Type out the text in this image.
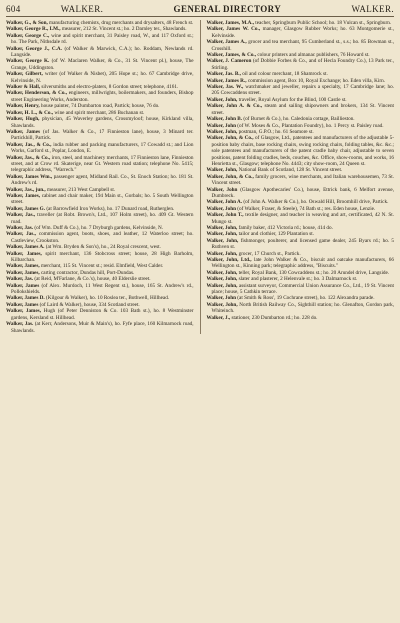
604	WALKER.	GENERAL DIRECTORY	WALKER.

Walker, G., & Son, manufacturing chemists, drug merchants and drysalters, 48 French st.

Walker, George R., LM., measurer, 212 St. Vincent st.; ho. 2 Darnley ter., Shawlands.

Walker, George C., wine and spirit merchant, 31 Paisley road, W., and 117 Oxford st.; ho. The Park, Nithsdale rd.

Walker, George J., C.A. (of Walker & Marwick, C.A.); ho. Roddam, Newlands rd. Langside.

Walker, George K. (of W. Maclaren Walker, & Co., 31 St. Vincent pl.), house, The Grange, Uddingston.

Walker, Gilbert, writer (of Walker & Nisbet), 205 Hope st.; ho. 67 Cambridge drive, Kelvinside, N.

Walker & Hall, silversmiths and electro-platers, 8 Gordon street; telephone, 4161.

Walker, Henderson, & Co., engineers, millwrights, boilermakers, and founders, Bishop street Engineering Works, Anderston.

Walker, Henry, house painter, 74 Dumbarton road, Partick; house, 76 do.

Walker, H. L., & Co., wine and spirit merchant, 286 Buchanan st.

Walker, Hugh, physician, 45 Waverley gardens, Crossmyloof; house, Kirkland villa, Shawlands.

Walker, James (of Jas. Walker & Co., 17 Finnieston lane), house, 3 Minard ter. Partickhill, Partick.

Walker, Jas., & Co., india rubber and packing manufacturers, 17 Cowadd st.; and Lion Works, Garford st., Poplar, London, E.

Walker, Jas., & Co., iron, steel, and machinery merchants, 17 Finnieston lane, Finnieston street, and at Crow rd. Skaterige, near Gt. Western road station; telephone No. 5415; telegraphic address, "Warrech."

Walker, James Wm., passenger agent, Midland Rail. Co., St. Enoch Station; ho. 181 St. Andrew's rd.

Walker, Jas., jun., measurer, 213 West Campbell st.

Walker, James, cabinet and chair maker, 194 Main st., Gorbals; ho. 5 South Wellington street.

Walker, James G. (at Barrowfield Iron Works), ho. 17 Dunard road, Rutherglen.

Walker, Jas., traveller (at Robt. Brown's, Ltd., 107 Holm street), ho. 409 Gt. Western road.

Walker, Jas. (of Wm. Duff & Co.), ho. 7 Dryburgh gardens, Kelvinside, N.

Walker, Jas., commission agent, boots, shoes, and leather, 12 Waterloo street; ho. Castleview, Crookston.

Walker, James A. (at Wm. Bryden & Son's), ho., 24 Royal crescent, west.

Walker, James, spirit merchant, 136 Stobcross street; house, 28 High Barholm, Kilbarchan.

Walker, James, merchant, 115 St. Vincent st.; resid. Elmfield, West Calder.

Walker, James, carting contractor, Dundas hill, Port-Dundas.

Walker, Jas. (at Reid, M'Farlane, & Co.'s), house, 40 Elderslie street.

Walker, James (of Alex. Murdoch, 11 West Regent st.), house, 165 St. Andrew's rd., Pollokshields.

Walker, James D. (Kilgour & Walker), ho. 10 Roslea ter., Bothwell, Hillhead.

Walker, James (of Laird & Walker), house, 334 Scotland street.

Walker, James, Hugh (of Peter Denniston & Co. 103 Bath st.), ho. 8 Westminster gardens, Kersland st. Hillhead.

Walker, Jas. (at Kerr, Andersons, Muir & Main's), ho. Fyfe place, 160 Kilmarnock road, Shawlands.

Walker, James, M.A., teacher, Springburn Public School; ho. 18 Vulcan st., Springburn.

Walker, James W. Co., manager, Glasgow Rubber Works; ho. 63 Montgomerie st., Kelvinside.

Walker, James A., grocer and tea merchant, 95 Cumberland st., s.s.; ho. 85 Bowman st., Crosshill.

Walker, James, & Co., colour printers and almanac publishers, 76 Howard st.

Walker, J. Cameron (of Dobbie Forbes & Co., and of Hecla Foundry Co.), 13 Park ter., Stirling.

Walker, Jas. B., oil and colour merchant, 18 Shamrock st.

Walker, James R., commission agent, Box 10, Royal Exchange; ho. Eden villa, Kirn.

Walker, Jas. W., watchmaker and jeweller, repairs a specialty, 17 Cambridge lane; ho. 205 Cowcaddens street.

Walker, John, traveller, Royal Asylum for the Blind, 100 Castle st.

Walker, John A. & Co., steam and sailing shipowners and brokers, 134 St. Vincent street.

Walker, John B. (of Burnet & Co.), ho. Caledonia cottage, Baillieston.

Walker, John (of W. Moses & Co., Plantation Foundry), ho. 1 Percy st. Paisley road.

Walker, John, postman, G.P.O.; ho. 61 Seamore st.

Walker, John, & Co., of Glasgow, Ltd., patentees and manufacturers of the adjustable 5-position baby chairs, base rocking chairs, swing rocking chairs, folding tables, &c. &c.; sole patentees and manufacturers of the patent cradle baby chair, adjustable to seven positions, patent folding cradles, beds, couches, &c. Office, show-rooms, and works, 16 Henrietta st., Glasgow; telephone No. 4443; city show-room, 24 Queen st.

Walker, John, National Bank of Scotland, 128 St. Vincent street.

Walker, John, & Co., family grocers, wine merchants, and Italian warehousemen, 73 St. Vincent street.

Walker, John (Glasgow Apothecaries' Co.), house, Ettrick bank, 6 Melfort avenue, Dumbreck.

Walker, John A. (of John A. Walker & Co.), ho. Oswald Hill, Broomhill drive, Partick.

Walker, John (of Walker, Fraser, & Steele), 74 Bath st.; res. Eden house, Lenzie.

Walker, John T., textile designer, and teacher in weaving and art, certificated, 42 N. St. Mungo st.

Walker, John, family baker, 412 Victoria rd.; house, 414 do.

Walker, John, tailor and clothier, 129 Plantation st.

Walker, John, fishmonger, poulterer, and licensed game dealer, 245 Byars rd.; ho. 5 Ruthven st.

Walker, John, grocer, 17 Church st., Partick.

Walker, John, Ltd., late John Walker & Co., biscuit and oatcake manufacturers, 66 Wellington st., Kinning park; telegraphic address, "Biscuits."

Walker, John, teller, Royal Bank, 130 Cowcaddens st.; ho. 20 Arundel drive, Langside.

Walker, John, slater and plasterer, 2 Helenvale st.; ho. 3 Dalmarnock st.

Walker, John, assistant surveyor, Commercial Union Assurance Co., Ltd., 19 St. Vincent place; house, 5 Cathkin terrace.

Walker, John (at Smith & Ross', 19 Cochrane street), ho. 122 Alexandra parade.

Walker, John, North British Railway Co., Sighthill station; ho. Glenafton, Gordon park, Whiteinch.

Walker, J., stationer, 230 Dumbarton rd.; ho. 228 do.
